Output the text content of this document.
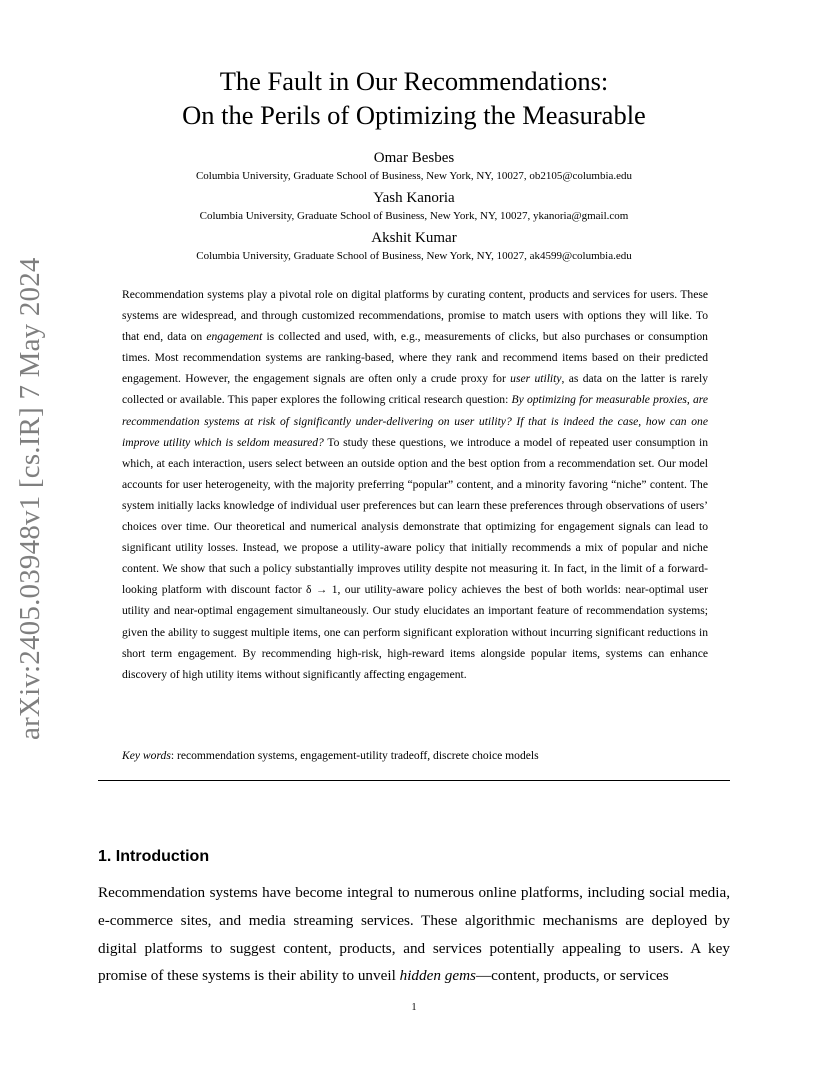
arXiv:2405.03948v1 [cs.IR] 7 May 2024
The Fault in Our Recommendations:
On the Perils of Optimizing the Measurable
Omar Besbes
Columbia University, Graduate School of Business, New York, NY, 10027, ob2105@columbia.edu
Yash Kanoria
Columbia University, Graduate School of Business, New York, NY, 10027, ykanoria@gmail.com
Akshit Kumar
Columbia University, Graduate School of Business, New York, NY, 10027, ak4599@columbia.edu

Recommendation systems play a pivotal role on digital platforms by curating content, products and services for users. These systems are widespread, and through customized recommendations, promise to match users with options they will like. To that end, data on engagement is collected and used, with, e.g., measurements of clicks, but also purchases or consumption times. Most recommendation systems are ranking-based, where they rank and recommend items based on their predicted engagement. However, the engagement signals are often only a crude proxy for user utility, as data on the latter is rarely collected or available. This paper explores the following critical research question: By optimizing for measurable proxies, are recommendation systems at risk of significantly under-delivering on user utility? If that is indeed the case, how can one improve utility which is seldom measured? To study these questions, we introduce a model of repeated user consumption in which, at each interaction, users select between an outside option and the best option from a recommendation set. Our model accounts for user heterogeneity, with the majority preferring “popular” content, and a minority favoring “niche” content. The system initially lacks knowledge of individual user preferences but can learn these preferences through observations of users’ choices over time. Our theoretical and numerical analysis demonstrate that optimizing for engagement signals can lead to significant utility losses. Instead, we propose a utility-aware policy that initially recommends a mix of popular and niche content. We show that such a policy substantially improves utility despite not measuring it. In fact, in the limit of a forward-looking platform with discount factor δ → 1, our utility-aware policy achieves the best of both worlds: near-optimal user utility and near-optimal engagement simultaneously. Our study elucidates an important feature of recommendation systems; given the ability to suggest multiple items, one can perform significant exploration without incurring significant reductions in short term engagement. By recommending high-risk, high-reward items alongside popular items, systems can enhance discovery of high utility items without significantly affecting engagement.

Key words: recommendation systems, engagement-utility tradeoff, discrete choice models
1. Introduction

Recommendation systems have become integral to numerous online platforms, including social media, e-commerce sites, and media streaming services. These algorithmic mechanisms are deployed by digital platforms to suggest content, products, and services potentially appealing to users. A key promise of these systems is their ability to unveil hidden gems—content, products, or services

1
